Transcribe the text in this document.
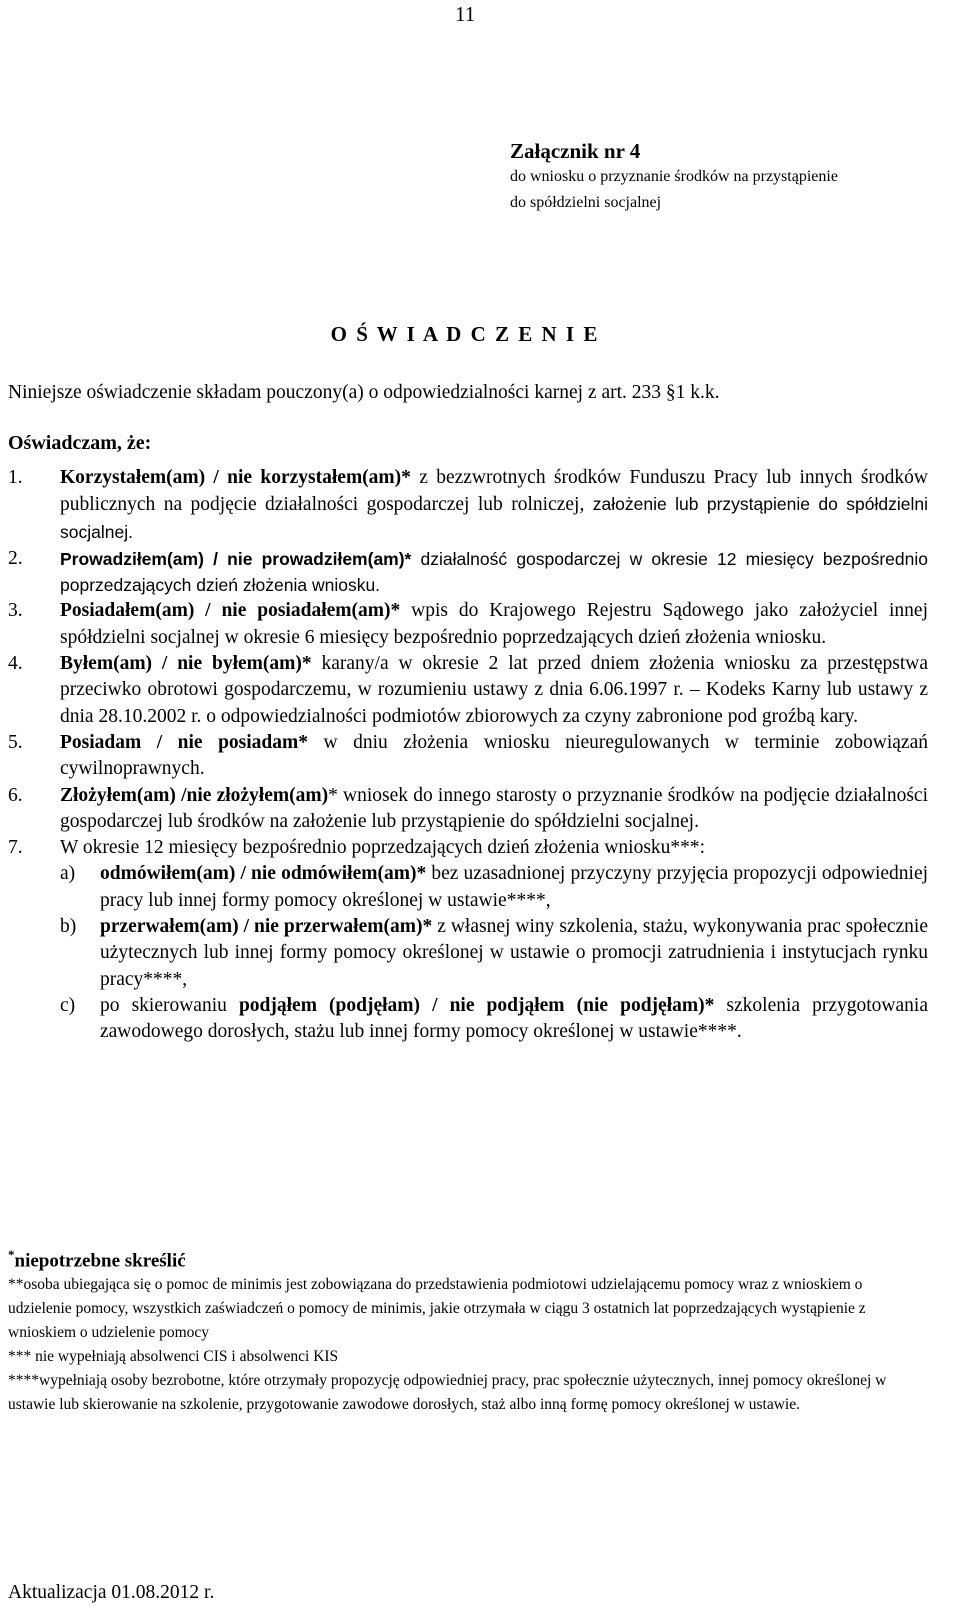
11
Załącznik nr 4
do wniosku o przyznanie środków na przystąpienie
do spółdzielni socjalnej
O Ś W I A D C Z E N I E
Niniejsze oświadczenie składam pouczony(a) o odpowiedzialności karnej z art. 233 §1 k.k.
Oświadczam, że:
1.	Korzystałem(am) / nie korzystałem(am)* z bezzwrotnych środków Funduszu Pracy lub innych środków publicznych na podjęcie działalności gospodarczej lub rolniczej, założenie lub przystąpienie do spółdzielni socjalnej.
2.	Prowadziłem(am) / nie prowadziłem(am)* działalność gospodarczej w okresie 12 miesięcy bezpośrednio poprzedzających dzień złożenia wniosku.
3.	Posiadałem(am) / nie posiadałem(am)* wpis do Krajowego Rejestru Sądowego jako założyciel innej spółdzielni socjalnej w okresie 6 miesięcy bezpośrednio poprzedzających dzień złożenia wniosku.
4.	Byłem(am) / nie byłem(am)* karany/a w okresie 2 lat przed dniem złożenia wniosku za przestępstwa przeciwko obrotowi gospodarczemu, w rozumieniu ustawy z dnia 6.06.1997 r. – Kodeks Karny lub ustawy z dnia 28.10.2002 r. o odpowiedzialności podmiotów zbiorowych za czyny zabronione pod groźbą kary.
5.	Posiadam / nie posiadam* w dniu złożenia wniosku nieuregulowanych w terminie zobowiązań cywilnoprawnych.
6.	Złożyłem(am) /nie złożyłem(am)* wniosek do innego starosty o przyznanie środków na podjęcie działalności gospodarczej lub środków na założenie lub przystąpienie do spółdzielni socjalnej.
7.	W okresie 12 miesięcy bezpośrednio poprzedzających dzień złożenia wniosku***:
a)	odmówiłem(am) / nie odmówiłem(am)* bez uzasadnionej przyczyny przyjęcia propozycji odpowiedniej pracy lub innej formy pomocy określonej w ustawie****,
b)	przerwałem(am) / nie przerwałem(am)* z własnej winy szkolenia, stażu, wykonywania prac społecznie użytecznych lub innej formy pomocy określonej w ustawie o promocji zatrudnienia i instytucjach rynku pracy****,
c)	po skierowaniu podjąłem (podjęłam) / nie podjąłem (nie podjęłam)* szkolenia przygotowania zawodowego dorosłych, stażu lub innej formy pomocy określonej w ustawie****.
*niepotrzebne skreślić
**osoba ubiegająca się o pomoc de minimis jest zobowiązana do przedstawienia podmiotowi udzielającemu pomocy wraz z wnioskiem o udzielenie pomocy, wszystkich zaświadczeń o pomocy de minimis, jakie otrzymała w ciągu 3 ostatnich lat poprzedzających wystąpienie z wnioskiem o udzielenie pomocy
*** nie wypełniają absolwenci CIS i absolwenci KIS
****wypełniają osoby bezrobotne, które otrzymały propozycję odpowiedniej pracy, prac społecznie użytecznych, innej pomocy określonej w ustawie lub skierowanie na szkolenie, przygotowanie zawodowe dorosłych, staż albo inną formę pomocy określonej w ustawie.
Aktualizacja 01.08.2012 r.
